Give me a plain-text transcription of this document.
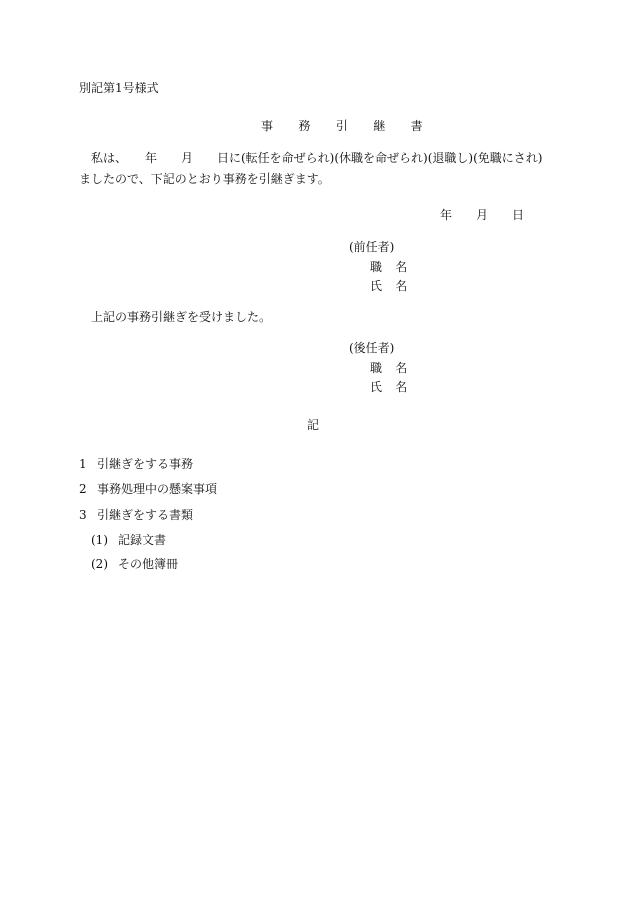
別記第1号様式
事 務 引 継 書
私は、　　年　　月　　日に(転任を命ぜられ)(休職を命ぜられ)(退職し)(免職にされ)
ましたので、下記のとおり事務を引継ぎます。
年　　月　　日
(前任者)
職名
氏名
上記の事務引継ぎを受けました。
(後任者)
職名
氏名
記
1 引継ぎをする事務
2 事務処理中の懸案事項
3 引継ぎをする書類
(1) 記録文書
(2) その他簿冊
